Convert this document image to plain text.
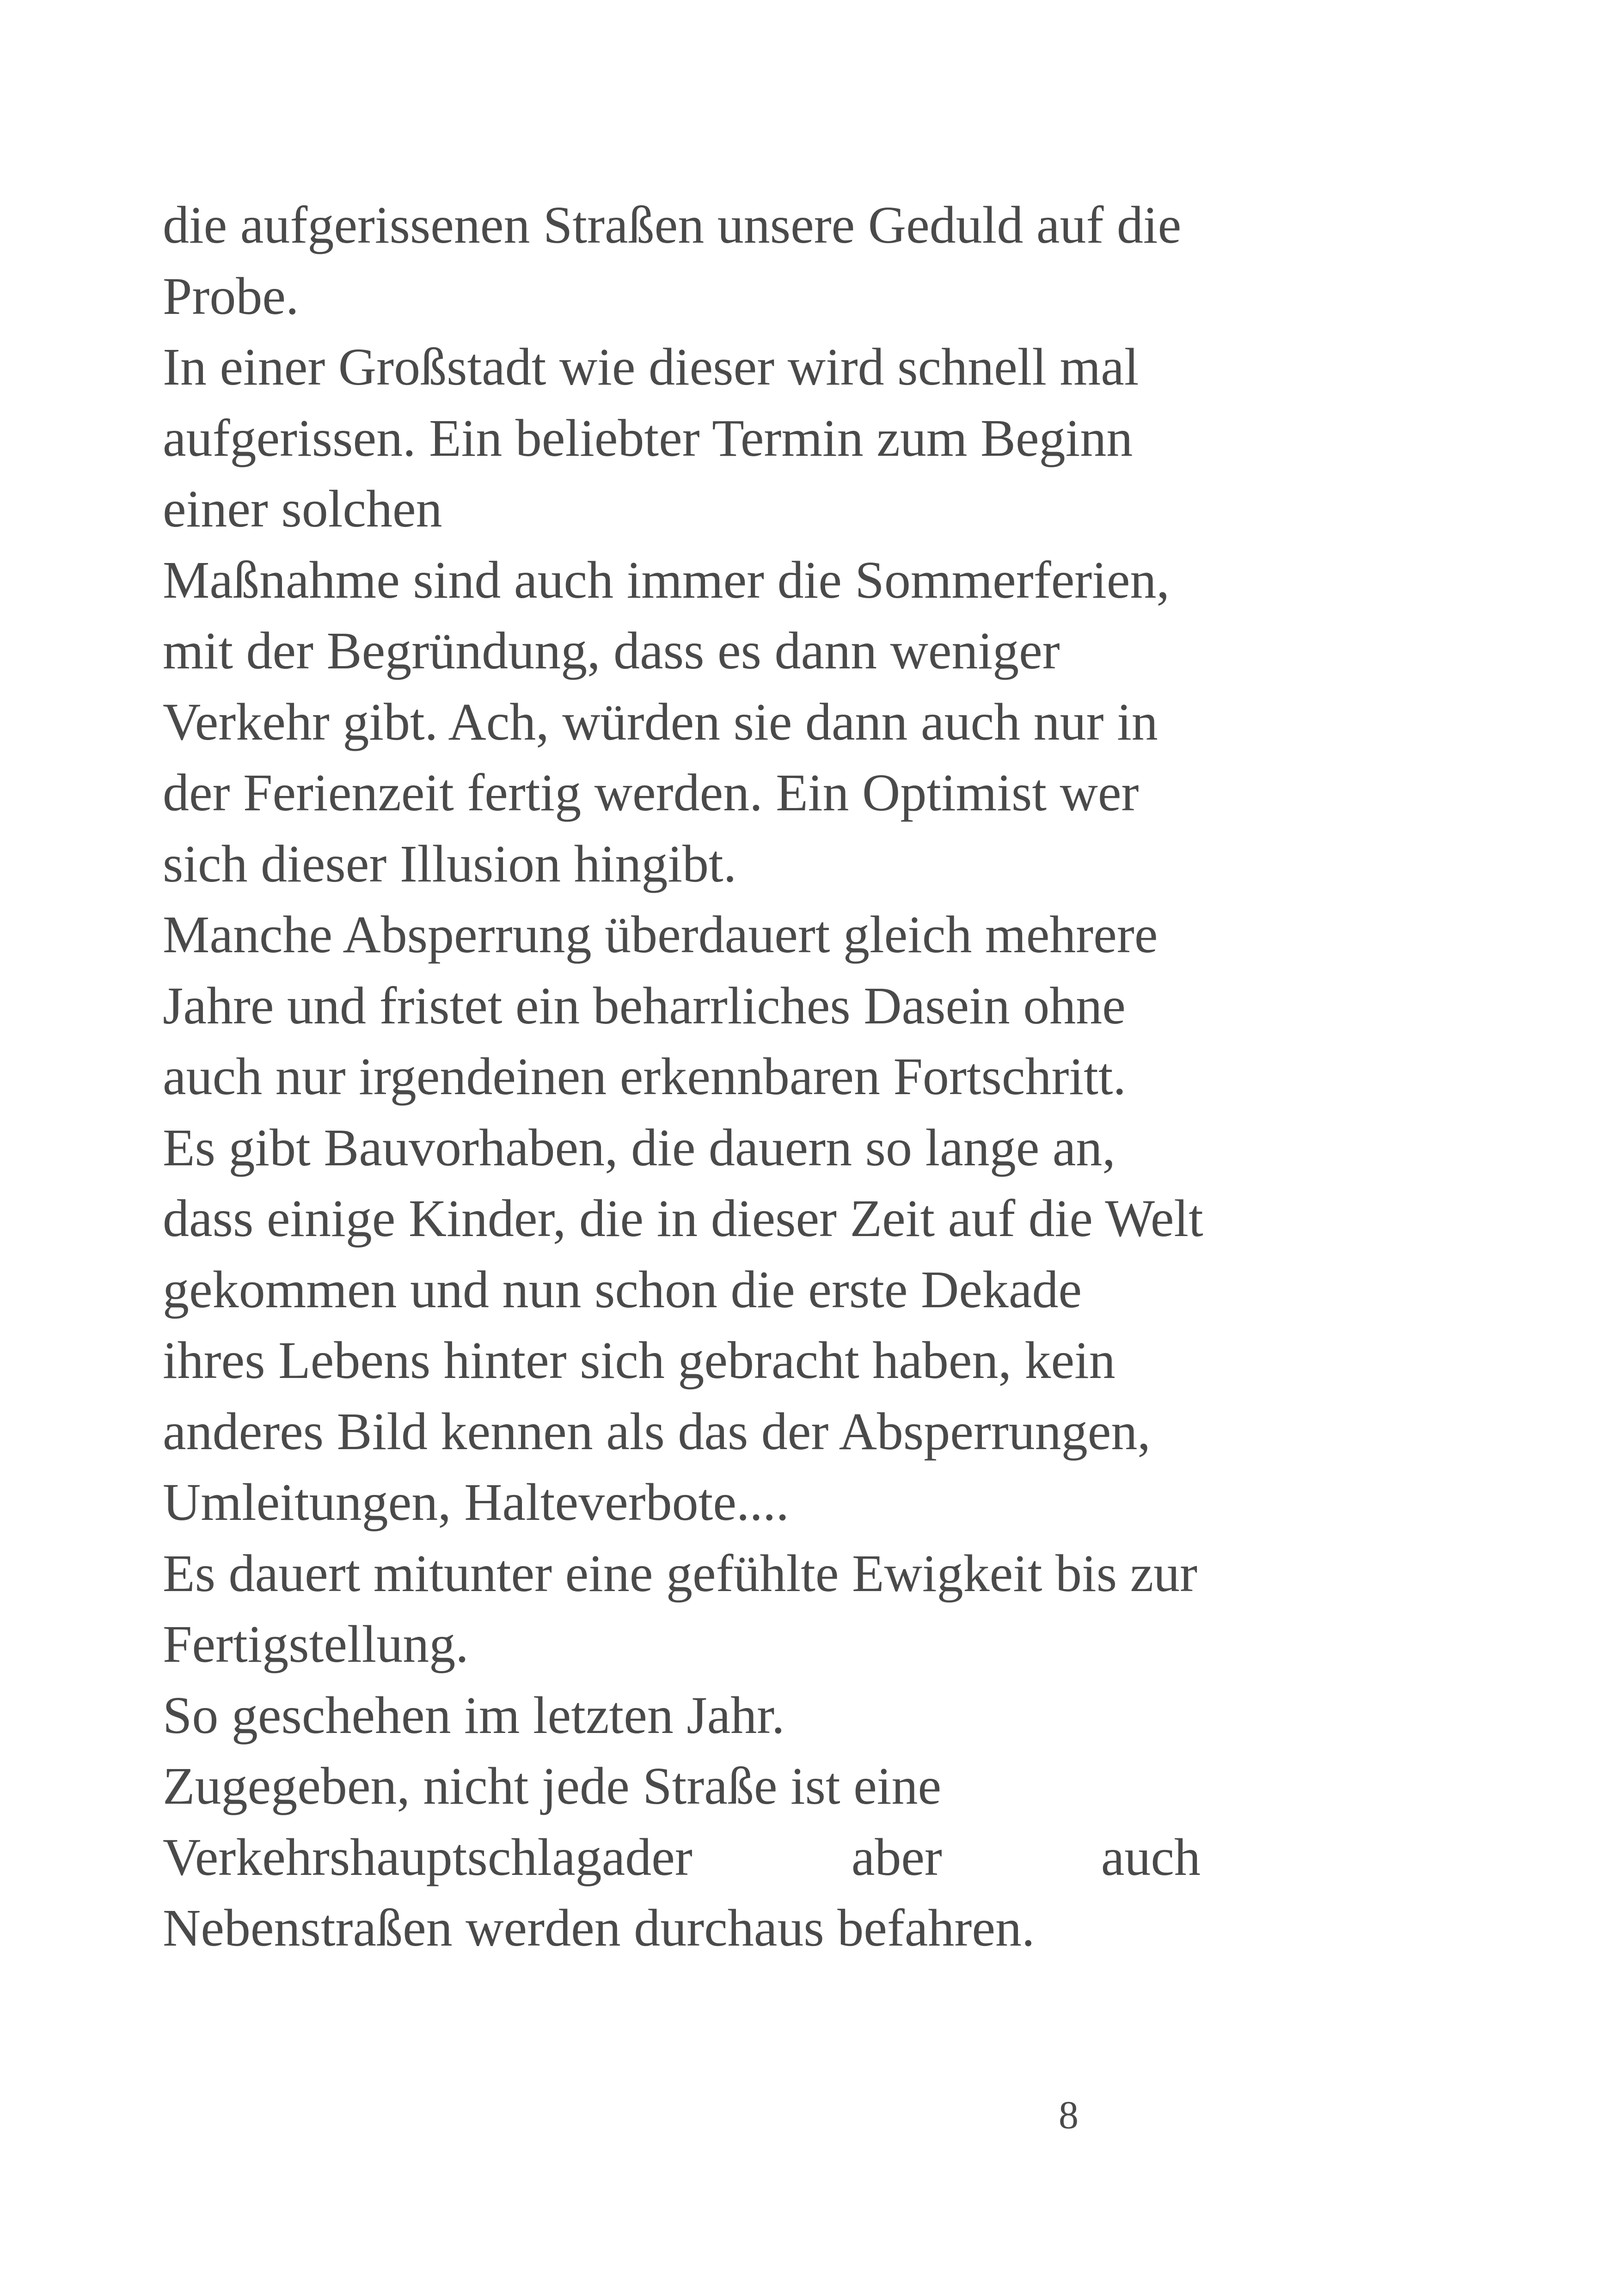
die aufgerissenen Straßen unsere Geduld auf die
Probe.
In einer Großstadt wie dieser wird schnell mal
aufgerissen. Ein beliebter Termin zum Beginn
einer solchen
Maßnahme sind auch immer die Sommerferien,
mit der Begründung, dass es dann weniger
Verkehr gibt. Ach, würden sie dann auch nur in
der Ferienzeit fertig werden. Ein Optimist wer
sich dieser Illusion hingibt.
Manche Absperrung überdauert gleich mehrere
Jahre und fristet ein beharrliches Dasein ohne
auch nur irgendeinen erkennbaren Fortschritt.
Es gibt Bauvorhaben, die dauern so lange an,
dass einige Kinder, die in dieser Zeit auf die Welt
gekommen und nun schon die erste Dekade
ihres Lebens hinter sich gebracht haben, kein
anderes Bild kennen als das der Absperrungen,
Umleitungen, Halteverbote....
Es dauert mitunter eine gefühlte Ewigkeit bis zur
Fertigstellung.
So geschehen im letzten Jahr.
Zugegeben, nicht jede Straße ist eine
Verkehrshauptschlagader	aber	auch
Nebenstraßen werden durchaus befahren.
8
